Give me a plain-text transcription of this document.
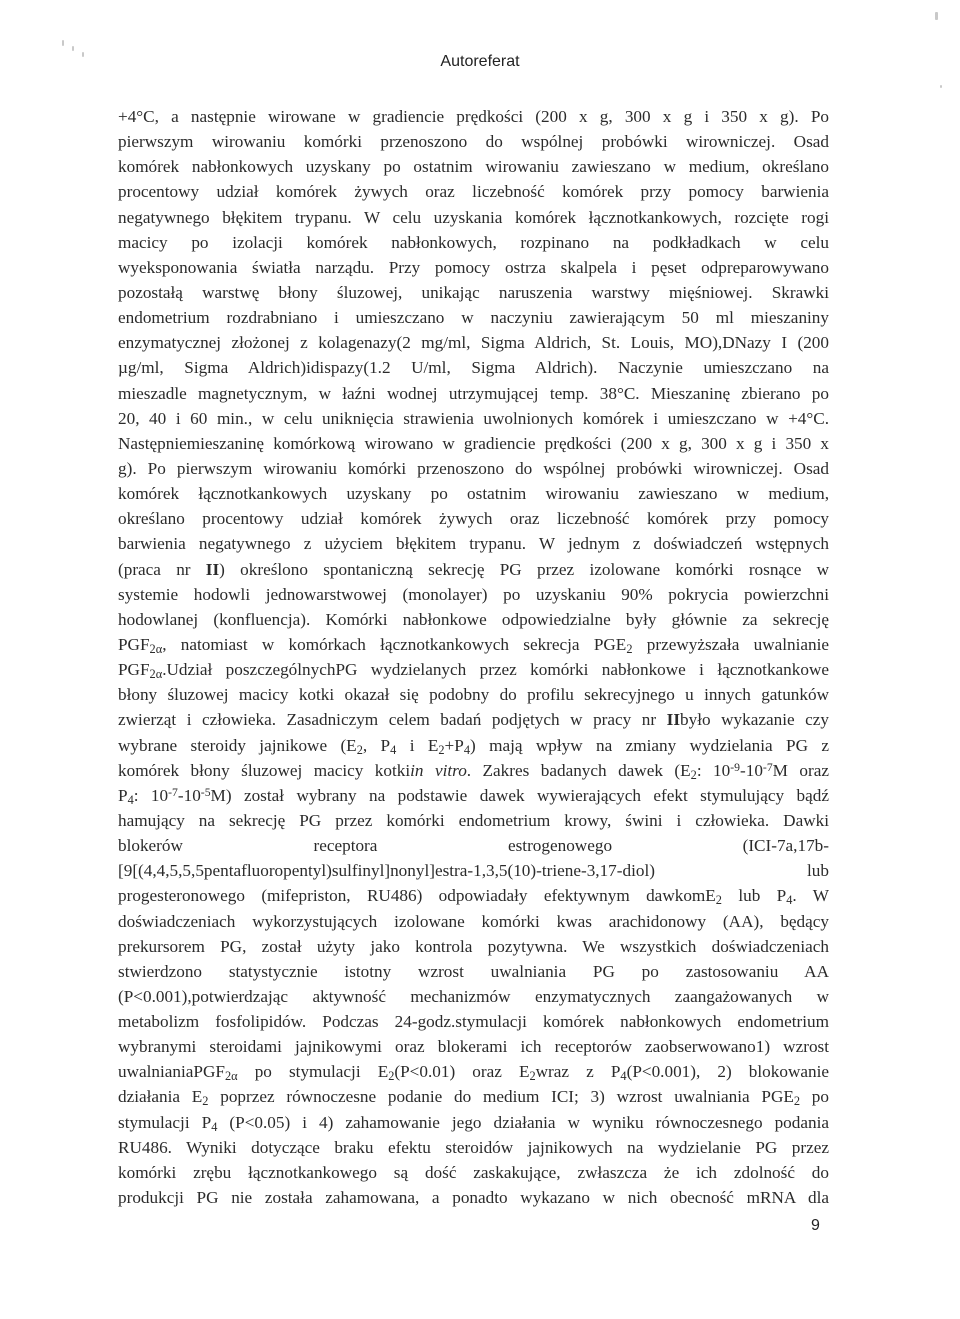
Autoreferat
+4°C, a następnie wirowane w gradiencie prędkości (200 x g, 300 x g i 350 x g). Po
pierwszym wirowaniu komórki przenoszono do wspólnej probówki wirowniczej. Osad
komórek nabłonkowych uzyskany po ostatnim wirowaniu zawieszano w medium, określano
procentowy udział komórek żywych oraz liczebność komórek przy pomocy barwienia
negatywnego błękitem trypanu. W celu uzyskania komórek łącznotkankowych, rozcięte rogi
macicy po izolacji komórek nabłonkowych, rozpinano na podkładkach w celu
wyeksponowania światła narządu. Przy pomocy ostrza skalpela i pęset odpreparowywano
pozostałą warstwę błony śluzowej, unikając naruszenia warstwy mięśniowej. Skrawki
endometrium rozdrabniano i umieszczano w naczyniu zawierającym 50 ml mieszaniny
enzymatycznej złożonej z kolagenazy(2 mg/ml, Sigma Aldrich, St. Louis, MO),DNazy I (200
µg/ml, Sigma Aldrich)idispazy(1.2 U/ml, Sigma Aldrich). Naczynie umieszczano na
mieszadle magnetycznym, w łaźni wodnej utrzymującej temp. 38°C. Mieszaninę zbierano po
20, 40 i 60 min., w celu uniknięcia strawienia uwolnionych komórek i umieszczano w +4°C.
Następniemieszaninę komórkową wirowano w gradiencie prędkości (200 x g, 300 x g i 350 x
g). Po pierwszym wirowaniu komórki przenoszono do wspólnej probówki wirowniczej. Osad
komórek łącznotkankowych uzyskany po ostatnim wirowaniu zawieszano w medium,
określano procentowy udział komórek żywych oraz liczebność komórek przy pomocy
barwienia negatywnego z użyciem błękitem trypanu. W jednym z doświadczeń wstępnych
(praca nr II) określono spontaniczną sekrecję PG przez izolowane komórki rosnące w
systemie hodowli jednowarstwowej (monolayer) po uzyskaniu 90% pokrycia powierzchni
hodowlanej (konfluencja). Komórki nabłonkowe odpowiedzialne były głównie za sekrecję
$PGF_{2\alpha}$, natomiast w komórkach łącznotkankowych sekrecja $PGE_2$ przewyższała uwalnianie
$PGF_{2\alpha}.Udział$ poszczególnychPG wydzielanych przez komórki nabłonkowe i łącznotkankowe
błony śluzowej macicy kotki okazał się podobny do profilu sekrecyjnego u innych gatunków
zwierząt i człowieka. Zasadniczym celem badań podjętych w pracy nr IIbyło wykazanie czy
wybrane steroidy jajnikowe ($E_2$, $P_4$ i $E_2+P_4$) mają wpływ na zmiany wydzielania PG z
komórek błony śluzowej macicy kotkiin vitro. Zakres badanych dawek ($E_2$: $10^{-9}-10^{-7}M$ oraz
$P_4$: $10^{-7}-10^{-5}M$) został wybrany na podstawie dawek wywierających efekt stymulujący bądź
hamujący na sekrecję PG przez komórki endometrium krowy, świni i człowieka. Dawki
blokerów receptora estrogenowego (ICI-7a,17b-
[9[(4,4,5,5,5pentafluoropentyl)sulfinyl]nonyl]estra-1,3,5(10)-triene-3,17-diol) lub
progesteronowego (mifepriston, RU486) odpowiadały efektywnym dawkomE$_2$ lub $P_4$. W
doświadczeniach wykorzystujących izolowane komórki kwas arachidonowy (AA), będący
prekursorem PG, został użyty jako kontrola pozytywna. We wszystkich doświadczeniach
stwierdzono statystycznie istotny wzrost uwalniania PG po zastosowaniu AA
(P<0.001),potwierdzając aktywność mechanizmów enzymatycznych zaangażowanych w
metabolizm fosfolipidów. Podczas 24-godz.stymulacji komórek nabłonkowych endometrium
wybranymi steroidami jajnikowymi oraz blokerami ich receptorów zaobserwowano1) wzrost
uwalnianiaPGF$_{2\alpha}$ po stymulacji $E_2(P<0.01)$ oraz $E_2wraz$ z $P_4(P<0.001)$, 2) blokowanie
działania $E_2$ poprzez równoczesne podanie do medium ICI; 3) wzrost uwalniania $PGE_2$ po
stymulacji $P_4$ (P<0.05) i 4) zahamowanie jego działania w wyniku równoczesnego podania
RU486. Wyniki dotyczące braku efektu steroidów jajnikowych na wydzielanie PG przez
komórki zrębu łącznotkankowego są dość zaskakujące, zwłaszcza że ich zdolność do
produkcji PG nie została zahamowana, a ponadto wykazano w nich obecność mRNA dla
9
